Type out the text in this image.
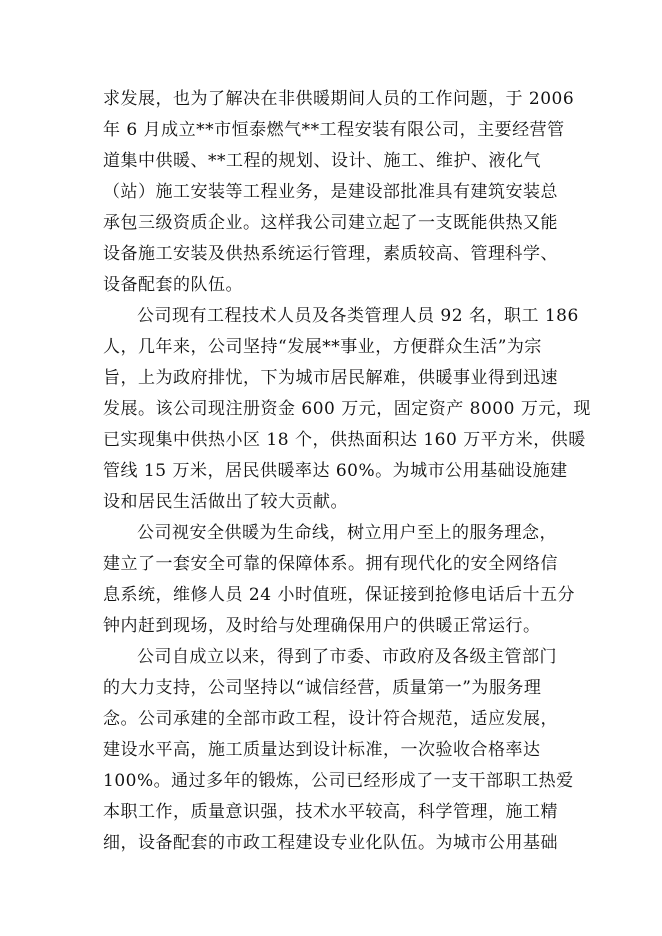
求发展，也为了解决在非供暖期间人员的工作问题，于 2006
年 6 月成立**市恒泰燃气**工程安装有限公司，主要经营管
道集中供暖、**工程的规划、设计、施工、维护、液化气
（站）施工安装等工程业务，是建设部批准具有建筑安装总
承包三级资质企业。这样我公司建立起了一支既能供热又能
设备施工安装及供热系统运行管理，素质较高、管理科学、
设备配套的队伍。
公司现有工程技术人员及各类管理人员 92 名，职工 186
人，几年来，公司坚持“发展**事业，方便群众生活”为宗
旨，上为政府排忧，下为城市居民解难，供暖事业得到迅速
发展。该公司现注册资金 600 万元，固定资产 8000 万元，现
已实现集中供热小区 18 个，供热面积达 160 万平方米，供暖
管线 15 万米，居民供暖率达 60%。为城市公用基础设施建
设和居民生活做出了较大贡献。
公司视安全供暖为生命线，树立用户至上的服务理念，
建立了一套安全可靠的保障体系。拥有现代化的安全网络信
息系统，维修人员 24 小时值班，保证接到抢修电话后十五分
钟内赶到现场，及时给与处理确保用户的供暖正常运行。
公司自成立以来，得到了市委、市政府及各级主管部门
的大力支持，公司坚持以“诚信经营，质量第一”为服务理
念。公司承建的全部市政工程，设计符合规范，适应发展，
建设水平高，施工质量达到设计标准，一次验收合格率达
100%。通过多年的锻炼，公司已经形成了一支干部职工热爱
本职工作，质量意识强，技术水平较高，科学管理，施工精
细，设备配套的市政工程建设专业化队伍。为城市公用基础
